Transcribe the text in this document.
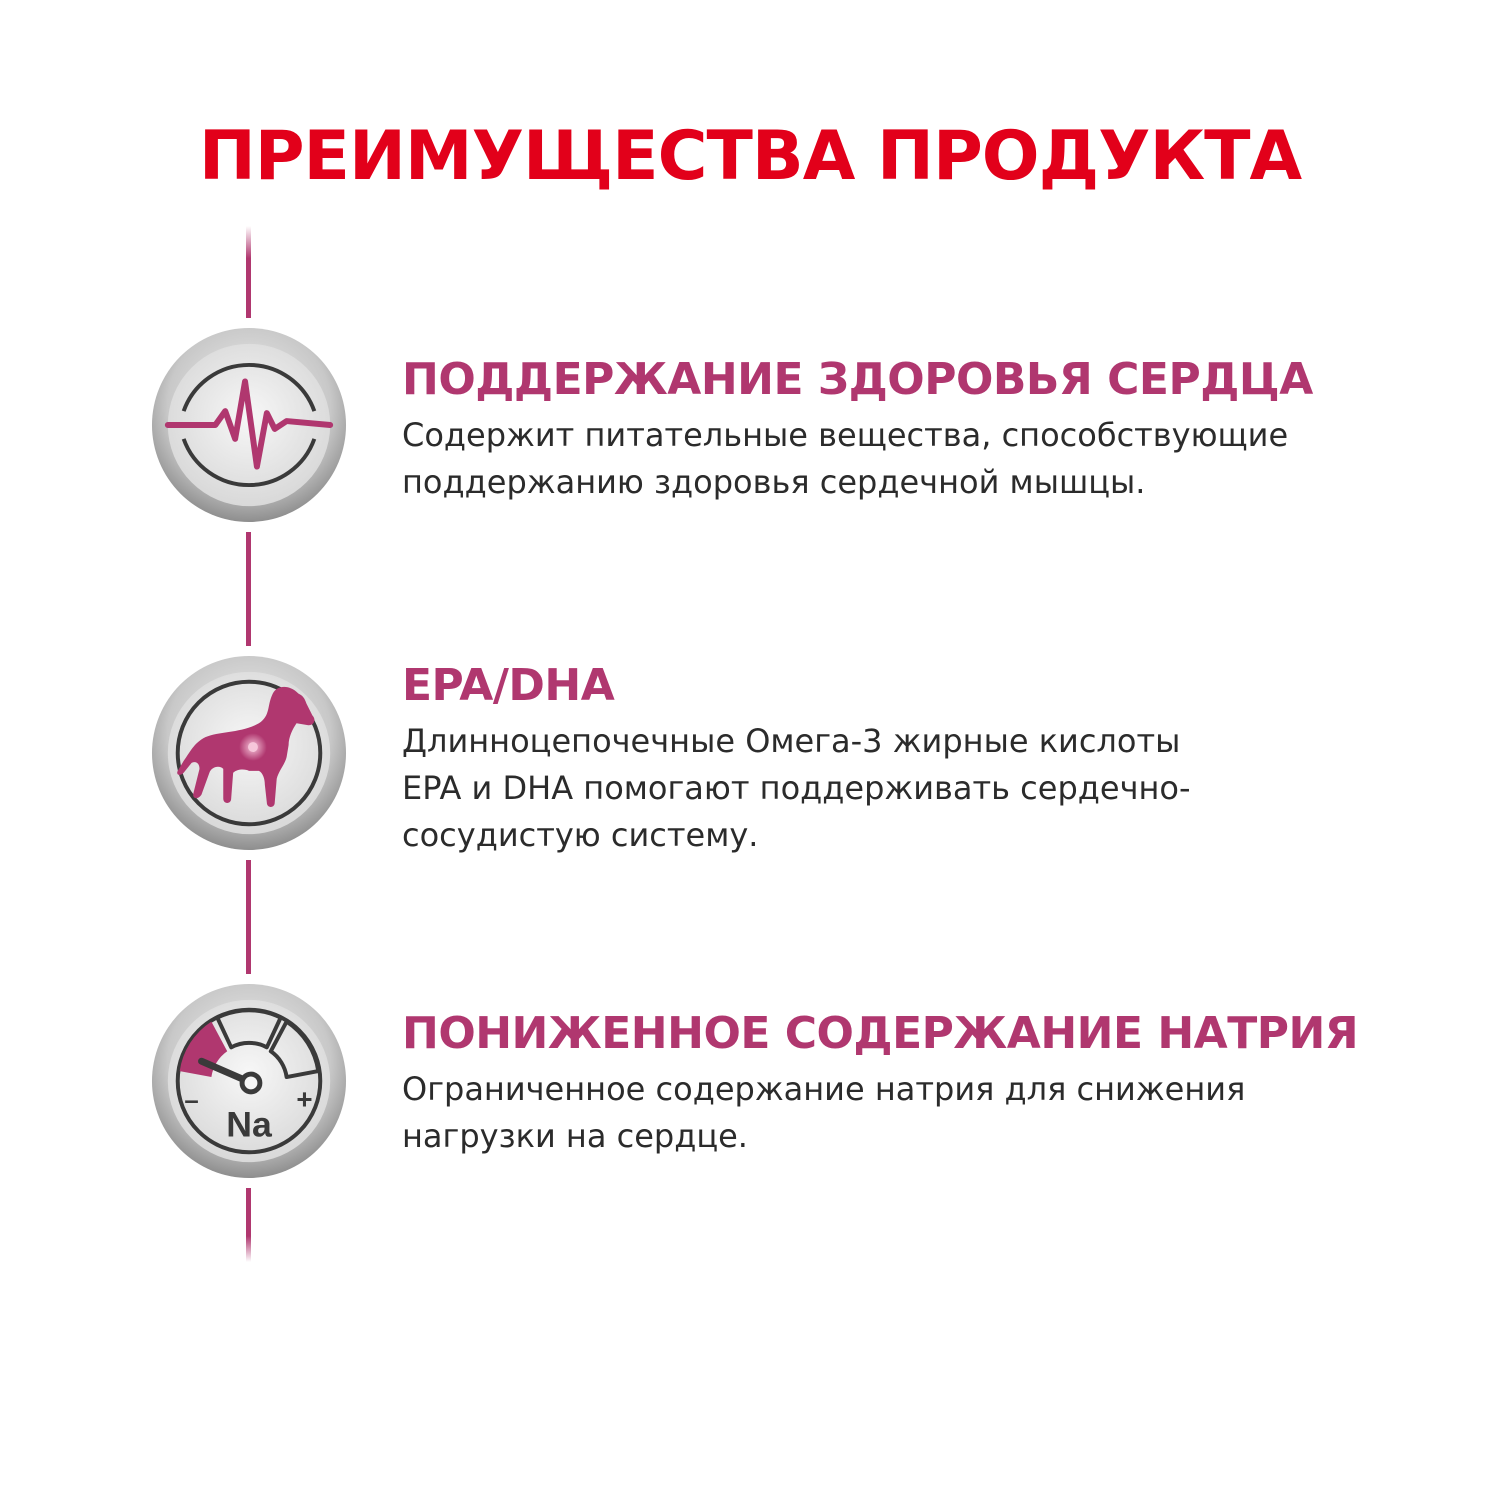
ПРЕИМУЩЕСТВА ПРОДУКТА
ПОДДЕРЖАНИЕ ЗДОРОВЬЯ СЕРДЦА
Содержит питательные вещества, способствующие
поддержанию здоровья сердечной мышцы.
EPA/DHA
Длинноцепочечные Омега-3 жирные кислоты
EPA и DHA помогают поддерживать сердечно-
сосудистую систему.
–	+
Na
ПОНИЖЕННОЕ СОДЕРЖАНИЕ НАТРИЯ
Ограниченное содержание натрия для снижения
нагрузки на сердце.
